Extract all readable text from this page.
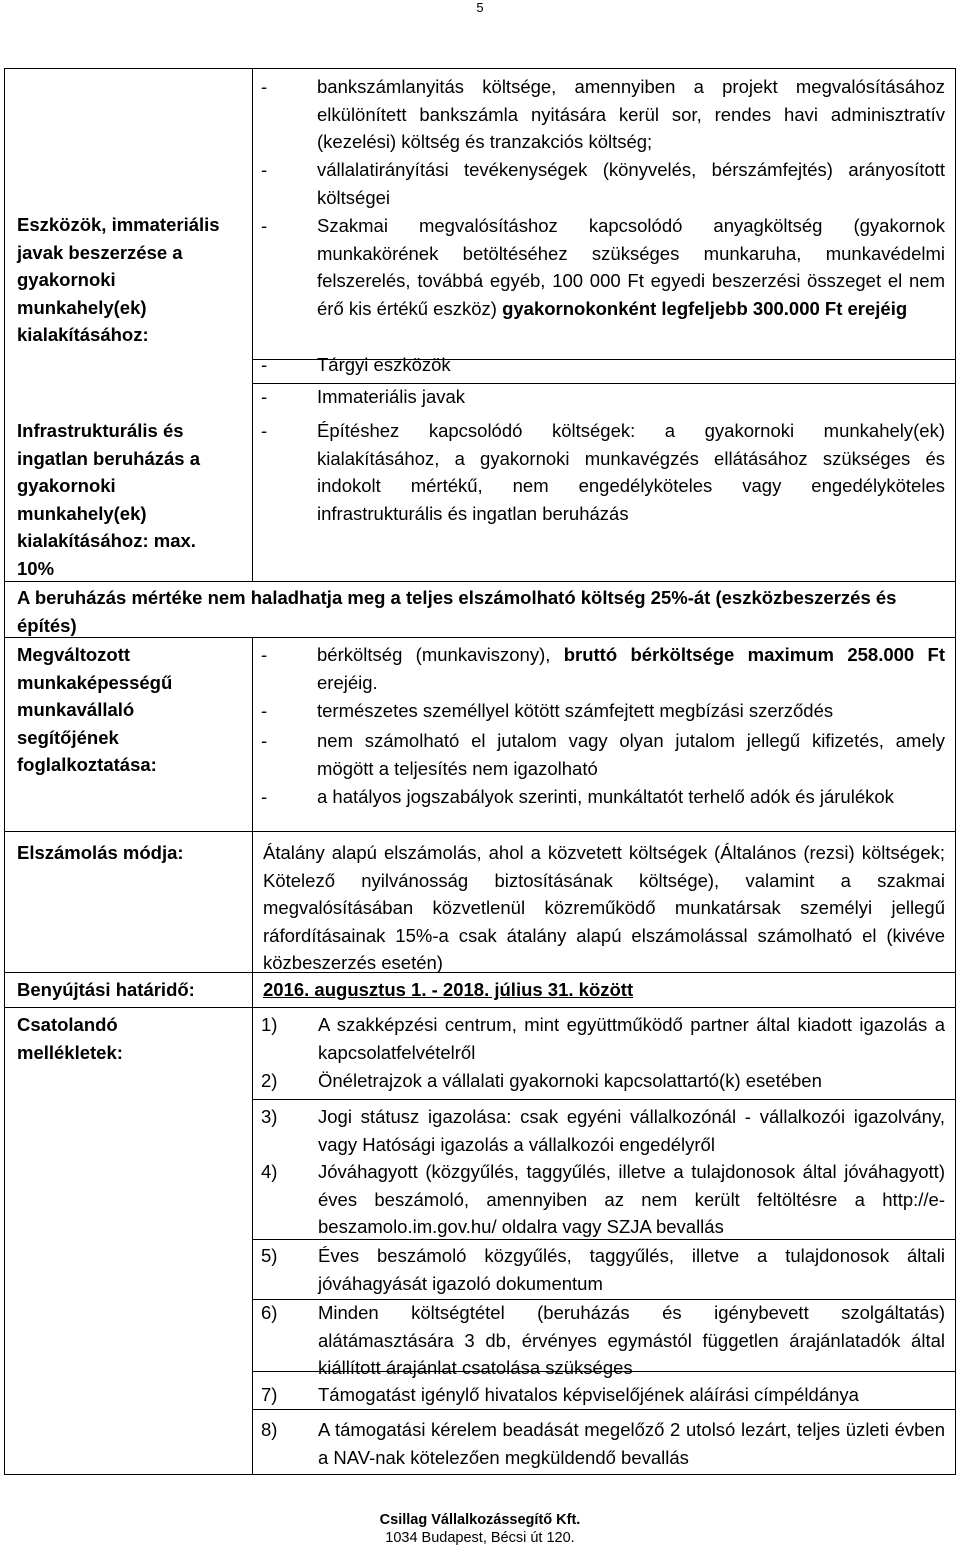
5
Eszközök, immateriális
javak beszerzése a
gyakornoki
munkahely(ek)
kialakításához:
-	bankszámlanyitás költsége, amennyiben a projekt megvalósításához elkülönített bankszámla nyitására kerül sor, rendes havi adminisztratív (kezelési) költség és tranzakciós költség;
-	vállalatirányítási tevékenységek (könyvelés, bérszámfejtés) arányosított költségei
-	Szakmai megvalósításhoz kapcsolódó anyagköltség (gyakornok munkakörének betöltéséhez szükséges munkaruha, munkavédelmi felszerelés, továbbá egyéb, 100 000 Ft egyedi beszerzési összeget el nem érő kis értékű eszköz) gyakornokonként legfeljebb 300.000 Ft erejéig
-	Tárgyi eszközök
-	Immateriális javak
Infrastrukturális és
ingatlan beruházás a
gyakornoki
munkahely(ek)
kialakításához: max.
10%
-	Építéshez kapcsolódó költségek: a gyakornoki munkahely(ek) kialakításához, a gyakornoki munkavégzés ellátásához szükséges és indokolt mértékű, nem engedélyköteles vagy engedélyköteles infrastrukturális és ingatlan beruházás
A beruházás mértéke nem haladhatja meg a teljes elszámolható költség 25%-át (eszközbeszerzés és építés)
Megváltozott
munkaképességű
munkavállaló
segítőjének
foglalkoztatása:
-	bérköltség (munkaviszony), bruttó bérköltsége maximum 258.000 Ft erejéig.
-	természetes személlyel kötött számfejtett megbízási szerződés
-	nem számolható el jutalom vagy olyan jutalom jellegű kifizetés, amely mögött a teljesítés nem igazolható
-	a hatályos jogszabályok szerinti, munkáltatót terhelő adók és járulékok
Elszámolás módja:	Átalány alapú elszámolás, ahol a közvetett költségek (Általános (rezsi) költségek; Kötelező nyilvánosság biztosításának költsége), valamint a szakmai megvalósításában közvetlenül közreműködő munkatársak személyi jellegű ráfordításainak 15%-a csak átalány alapú elszámolással számolható el (kivéve közbeszerzés esetén)
Benyújtási határidő:	2016. augusztus 1. - 2018. július 31. között
Csatolandó
mellékletek:
1)	A szakképzési centrum, mint együttműködő partner által kiadott igazolás a kapcsolatfelvételről
2)	Önéletrajzok a vállalati gyakornoki kapcsolattartó(k) esetében
3)	Jogi státusz igazolása: csak egyéni vállalkozónál - vállalkozói igazolvány, vagy Hatósági igazolás a vállalkozói engedélyről
4)	Jóváhagyott (közgyűlés, taggyűlés, illetve a tulajdonosok által jóváhagyott) éves beszámoló, amennyiben az nem került feltöltésre a http://e-beszamolo.im.gov.hu/ oldalra vagy SZJA bevallás
5)	Éves beszámoló közgyűlés, taggyűlés, illetve a tulajdonosok általi jóváhagyását igazoló dokumentum
6)	Minden költségtétel (beruházás és igénybevett szolgáltatás) alátámasztására 3 db, érvényes egymástól független árajánlatadók által kiállított árajánlat csatolása szükséges
7)	Támogatást igénylő hivatalos képviselőjének aláírási címpéldánya
8)	A támogatási kérelem beadását megelőző 2 utolsó lezárt, teljes üzleti évben a NAV-nak kötelezően megküldendő bevallás
Csillag Vállalkozássegítő Kft.
1034 Budapest, Bécsi út 120.
